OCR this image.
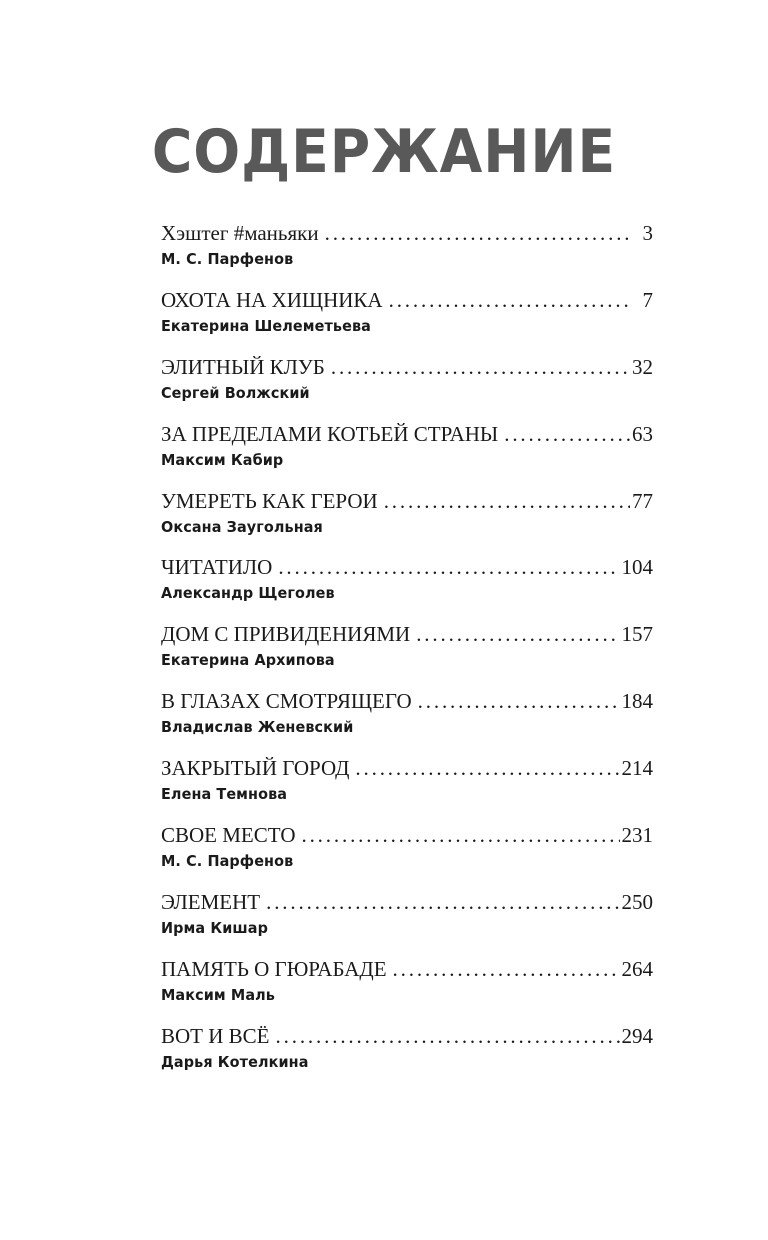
СОДЕРЖАНИЕ
Хэштег #маньяки . . .	3
М. С. Парфенов
ОХОТА НА ХИЩНИКА . . .	7
Екатерина Шелеметьева
ЭЛИТНЫЙ КЛУБ . . .	32
Сергей Волжский
ЗА ПРЕДЕЛАМИ КОТЬЕЙ СТРАНЫ . . .	63
Максим Кабир
УМЕРЕТЬ КАК ГЕРОИ . . .	77
Оксана Заугольная
ЧИТАТИЛО . . .	104
Александр Щеголев
ДОМ С ПРИВИДЕНИЯМИ . . .	157
Екатерина Архипова
В ГЛАЗАХ СМОТРЯЩЕГО . . .	184
Владислав Женевский
ЗАКРЫТЫЙ ГОРОД . . .	214
Елена Темнова
СВОЕ МЕСТО . . .	231
М. С. Парфенов
ЭЛЕМЕНТ . . .	250
Ирма Кишар
ПАМЯТЬ О ГЮРАБАДЕ . . .	264
Максим Маль
ВОТ И ВСЁ . . .	294
Дарья Котелкина
